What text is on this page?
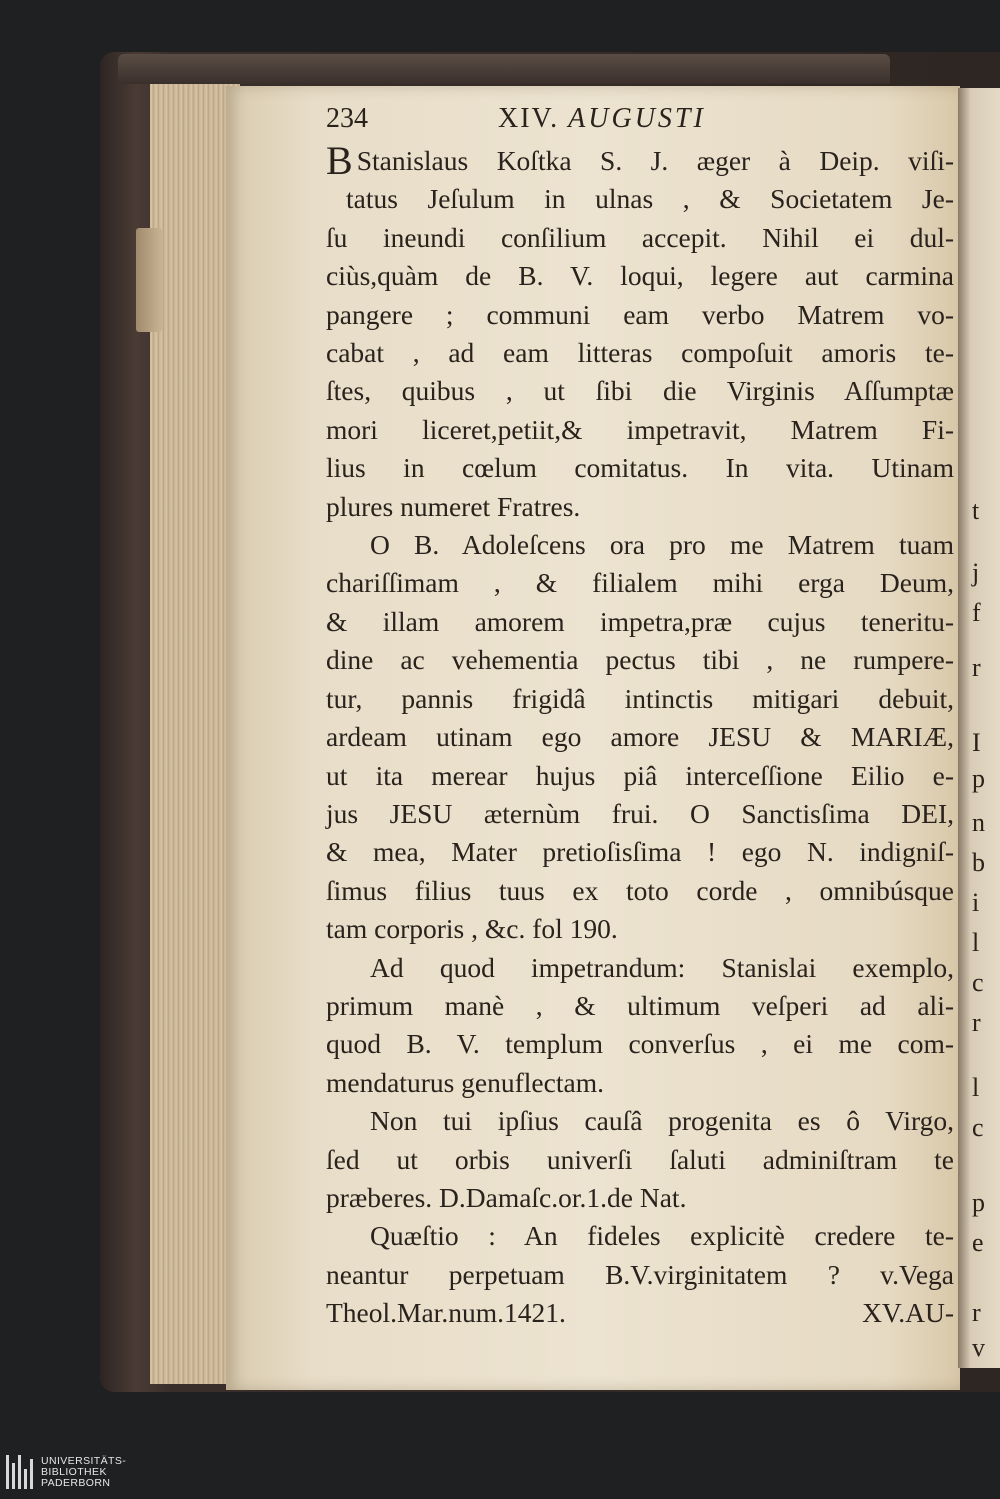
t
j
f
r
I
p
n
b
i
l
c
r
l
c
p
e
r
v
234	XIV. AUGUSTI
B Stanislaus Koſtka S. J. æger à Deip. viſi-
tatus Jeſulum in ulnas , & Societatem Je-
ſu ineundi conſilium accepit. Nihil ei dul-
ciùs,quàm de B. V. loqui, legere aut carmina
pangere ; communi eam verbo Matrem vo-
cabat , ad eam litteras compoſuit amoris te-
ſtes, quibus , ut ſibi die Virginis Aſſumptæ
mori liceret,petiit,& impetravit, Matrem Fi-
lius in cœlum comitatus. In vita. Utinam
plures numeret Fratres.
O B. Adoleſcens ora pro me Matrem tuam
chariſſimam , & filialem mihi erga Deum,
& illam amorem impetra,præ cujus teneritu-
dine ac vehementia pectus tibi , ne rumpere-
tur, pannis frigidâ intinctis mitigari debuit,
ardeam utinam ego amore JESU & MARIÆ,
ut ita merear hujus piâ interceſſione Eilio e-
jus JESU æternùm frui. O Sanctisſima DEI,
& mea, Mater pretioſisſima ! ego N. indigniſ-
ſimus filius tuus ex toto corde , omnibúsque
tam corporis , &c. fol 190.
Ad quod impetrandum: Stanislai exemplo,
primum manè , & ultimum veſperi ad ali-
quod B. V. templum converſus , ei me com-
mendaturus genuflectam.
Non tui ipſius cauſâ progenita es ô Virgo,
ſed ut orbis univerſi ſaluti adminiſtram te
præberes. D.Damaſc.or.1.de Nat.
Quæſtio : An fideles explicitè credere te-
neantur perpetuam B.V.virginitatem ? v.Vega
Theol.Mar.num.1421.	XV.AU-
UNIVERSITÄTS-
BIBLIOTHEK
PADERBORN
